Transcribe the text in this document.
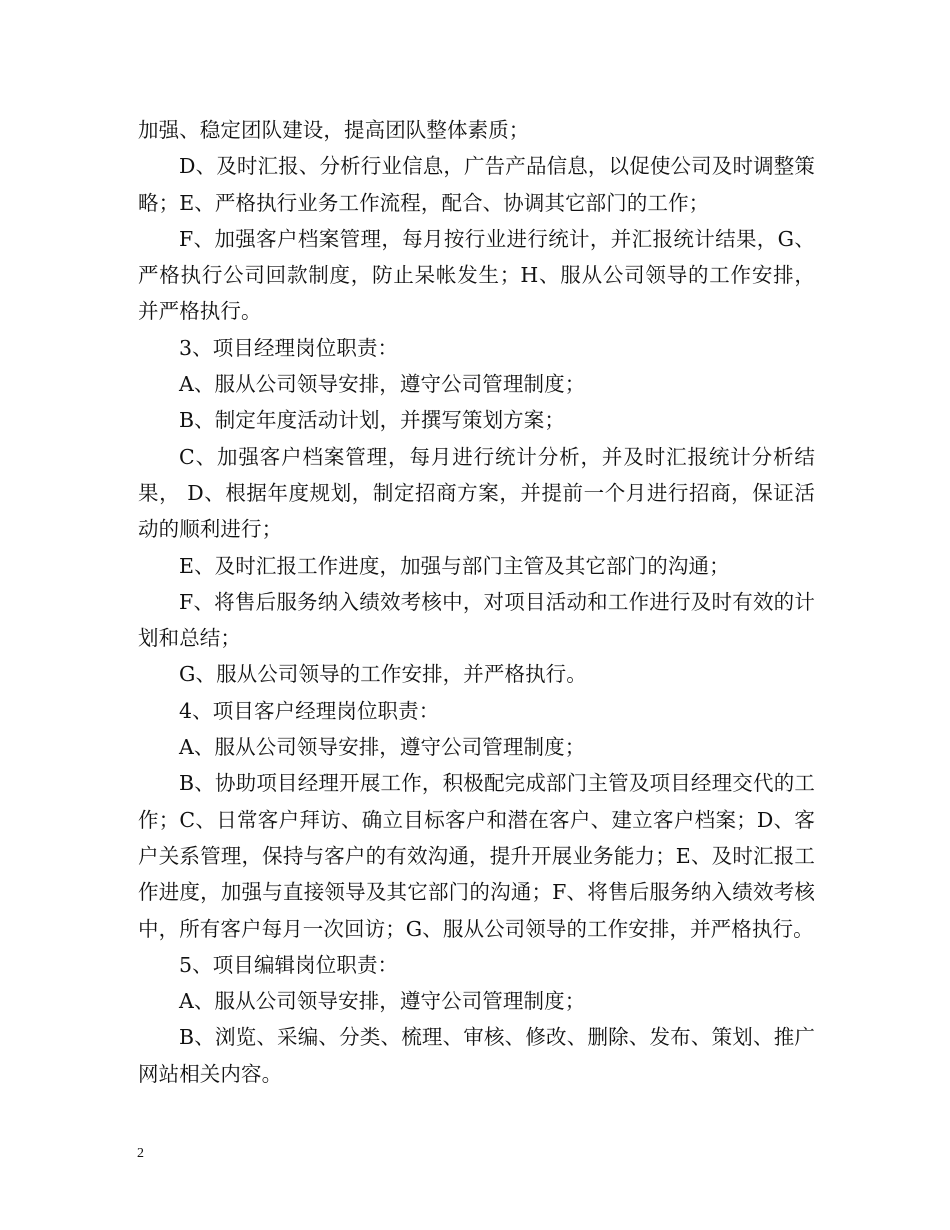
加强、稳定团队建设，提高团队整体素质；

D、及时汇报、分析行业信息，广告产品信息，以促使公司及时调整策略；E、严格执行业务工作流程，配合、协调其它部门的工作；

F、加强客户档案管理，每月按行业进行统计，并汇报统计结果，G、严格执行公司回款制度，防止呆帐发生；H、服从公司领导的工作安排，并严格执行。

3、项目经理岗位职责：

A、服从公司领导安排，遵守公司管理制度；

B、制定年度活动计划，并撰写策划方案；

C、加强客户档案管理，每月进行统计分析，并及时汇报统计分析结果， D、根据年度规划，制定招商方案，并提前一个月进行招商，保证活动的顺利进行；

E、及时汇报工作进度，加强与部门主管及其它部门的沟通；

F、将售后服务纳入绩效考核中，对项目活动和工作进行及时有效的计划和总结；

G、服从公司领导的工作安排，并严格执行。

4、项目客户经理岗位职责：

A、服从公司领导安排，遵守公司管理制度；

B、协助项目经理开展工作，积极配完成部门主管及项目经理交代的工作；C、日常客户拜访、确立目标客户和潜在客户、建立客户档案；D、客户关系管理，保持与客户的有效沟通，提升开展业务能力；E、及时汇报工作进度，加强与直接领导及其它部门的沟通；F、将售后服务纳入绩效考核中，所有客户每月一次回访；G、服从公司领导的工作安排，并严格执行。

5、项目编辑岗位职责：

A、服从公司领导安排，遵守公司管理制度；

B、浏览、采编、分类、梳理、审核、修改、删除、发布、策划、推广网站相关内容。

2
